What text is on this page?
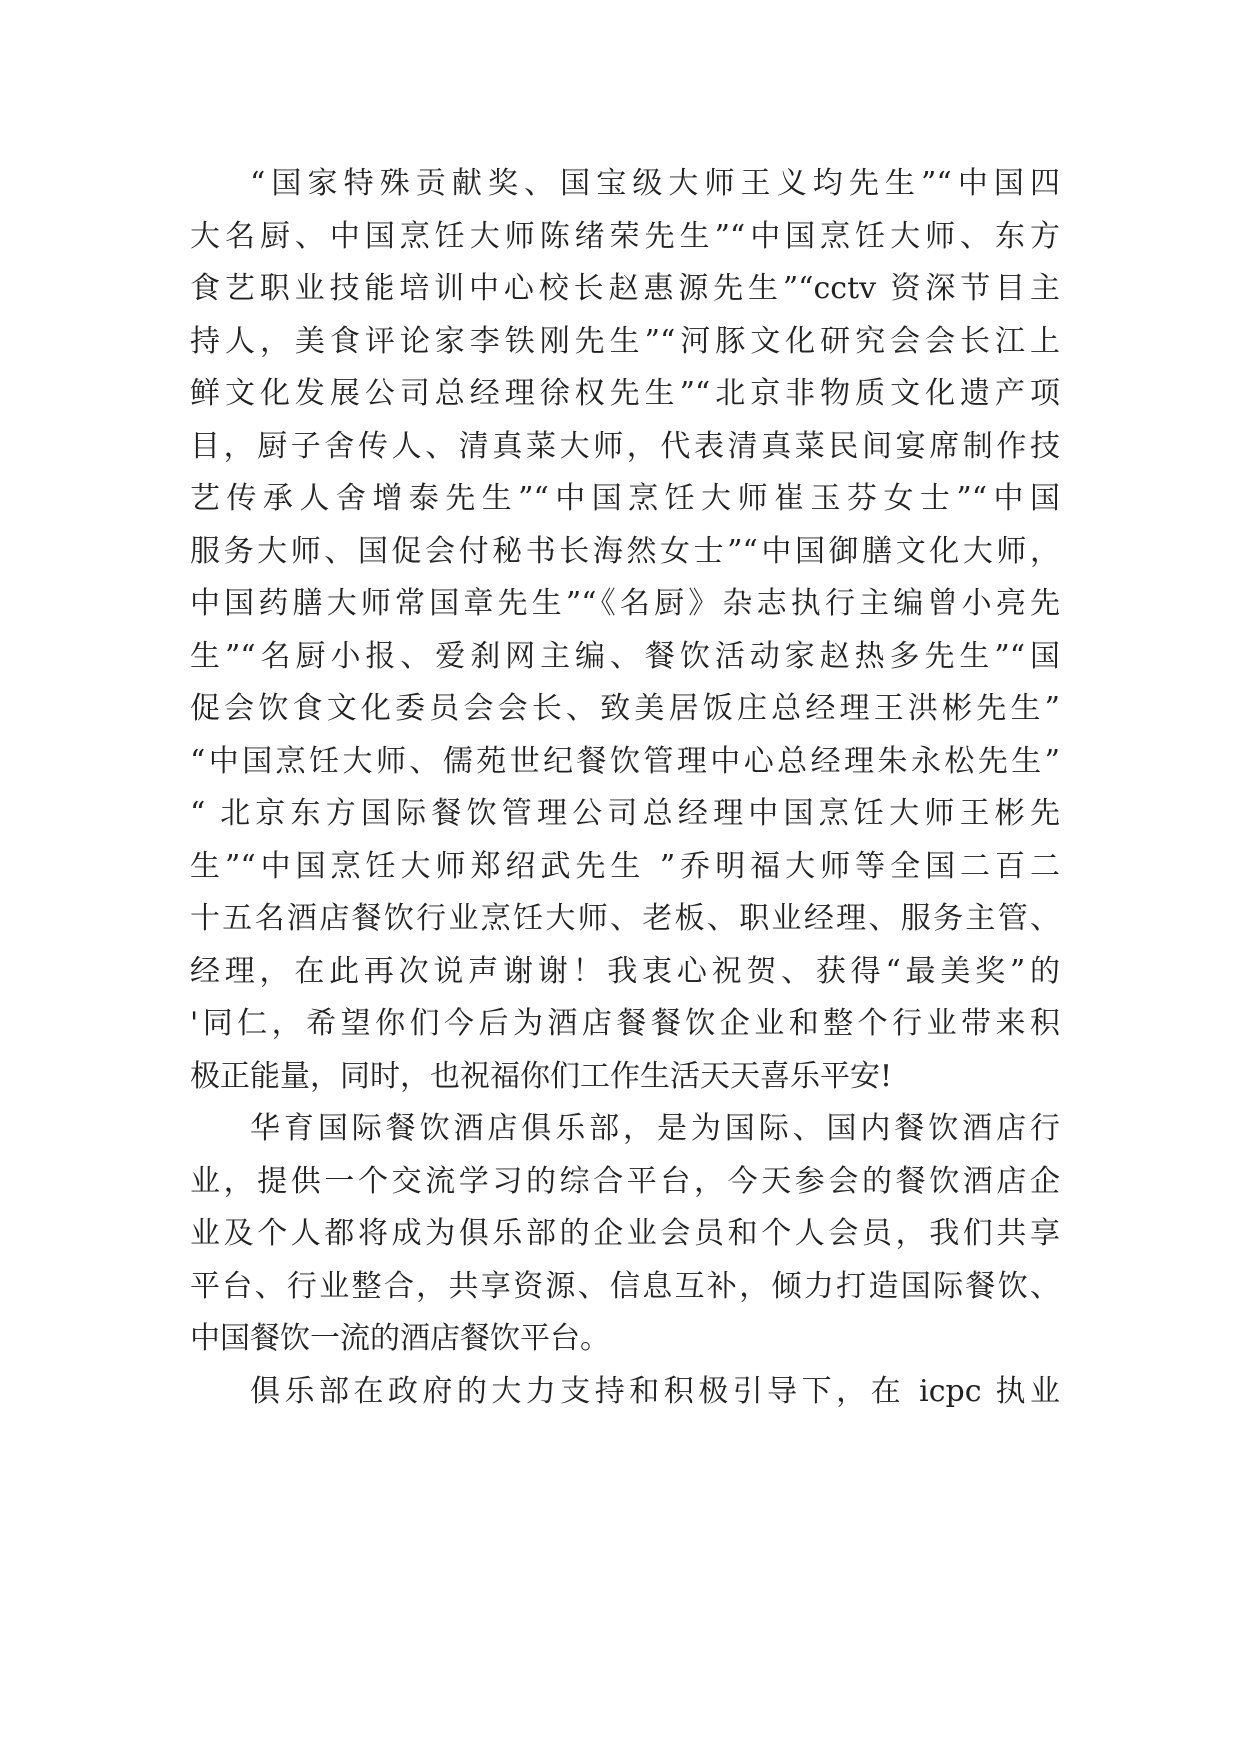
“国家特殊贡献奖、国宝级大师王义均先生”“中国四
大名厨、中国烹饪大师陈绪荣先生”“中国烹饪大师、东方
食艺职业技能培训中心校长赵惠源先生”“cctv 资深节目主
持人，美食评论家李铁刚先生”“河豚文化研究会会长江上
鲜文化发展公司总经理徐权先生”“北京非物质文化遗产项
目，厨子舍传人、清真菜大师，代表清真菜民间宴席制作技
艺传承人舍增泰先生”“中国烹饪大师崔玉芬女士”“中国
服务大师、国促会付秘书长海然女士”“中国御膳文化大师，
中国药膳大师常国章先生”“《名厨》杂志执行主编曾小亮先
生”“名厨小报、爱刹网主编、餐饮活动家赵热多先生”“国
促会饮食文化委员会会长、致美居饭庄总经理王洪彬先生”
“中国烹饪大师、儒苑世纪餐饮管理中心总经理朱永松先生”
“ 北京东方国际餐饮管理公司总经理中国烹饪大师王彬先
生”“中国烹饪大师郑绍武先生 ”乔明福大师等全国二百二
十五名酒店餐饮行业烹饪大师、老板、职业经理、服务主管、
经理，在此再次说声谢谢！我衷心祝贺、获得“最美奖”的
'同仁，希望你们今后为酒店餐餐饮企业和整个行业带来积
极正能量，同时，也祝福你们工作生活天天喜乐平安!
华育国际餐饮酒店俱乐部，是为国际、国内餐饮酒店行
业，提供一个交流学习的综合平台，今天参会的餐饮酒店企
业及个人都将成为俱乐部的企业会员和个人会员，我们共享
平台、行业整合，共享资源、信息互补，倾力打造国际餐饮、
中国餐饮一流的酒店餐饮平台。
俱乐部在政府的大力支持和积极引导下，在 icpc 执业
